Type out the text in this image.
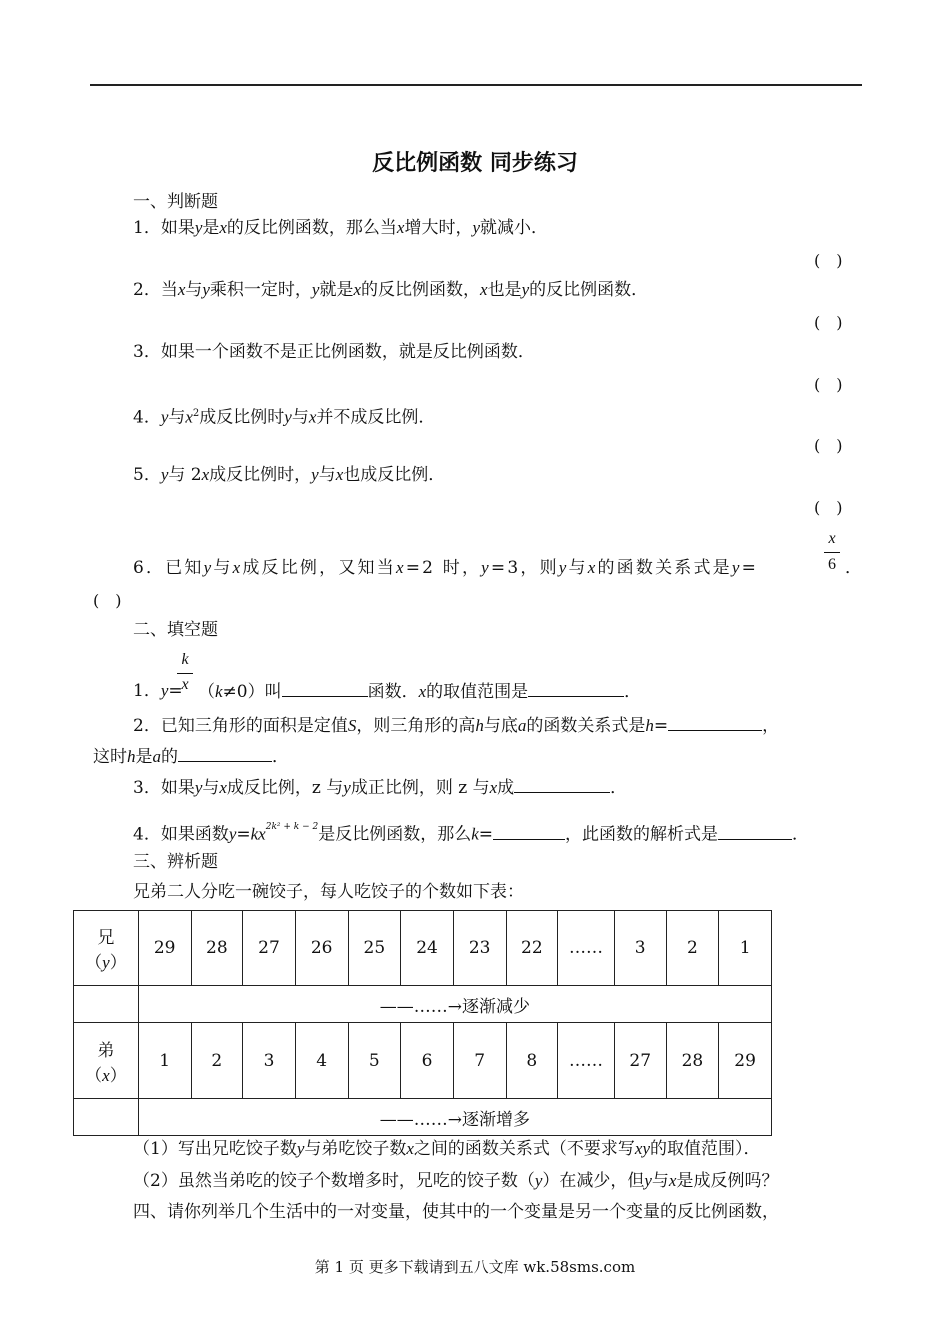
反比例函数 同步练习
一、判断题
1．如果y是x的反比例函数，那么当x增大时，y就减小．
(　)
2．当x与y乘积一定时，y就是x的反比例函数，x也是y的反比例函数．
(　)
3．如果一个函数不是正比例函数，就是反比例函数．
(　)
4．y与$x^2$成反比例时y与x并不成反比例．
(　)
5．y与 2x成反比例时，y与x也成反比例．
(　)
6．已知y与x成反比例，又知当x=2 时，y=3，则y与x的函数关系式是y=
x
6 ．
(　)
二、填空题
k
x
1．y= （k≠0）叫	函数．x的取值范围是	．
2．已知三角形的面积是定值S，则三角形的高h与底a的函数关系式是h=	，
这时h是a的	．
3．如果y与x成反比例，z 与y成正比例，则 z 与x成	．
4．如果函数$y=kx^{2k^2 + k - 2}$是反比例函数，那么k=	，此函数的解析式是	．
三、辨析题
兄弟二人分吃一碗饺子，每人吃饺子的个数如下表：
兄
（y）	29	28	27	26	25	24	23	22	……	3	2	1
	——……→逐渐减少											

弟
（x）	1	2	3	4	5	6	7	8	……	27	28	29
	——……→逐渐增多											
（1）写出兄吃饺子数y与弟吃饺子数x之间的函数关系式（不要求写xy的取值范围）．
（2）虽然当弟吃的饺子个数增多时，兄吃的饺子数（y）在减少，但y与x是成反例吗？
四、请你列举几个生活中的一对变量，使其中的一个变量是另一个变量的反比例函数，
第 1 页 更多下载请到五八文库 wk.58sms.com
